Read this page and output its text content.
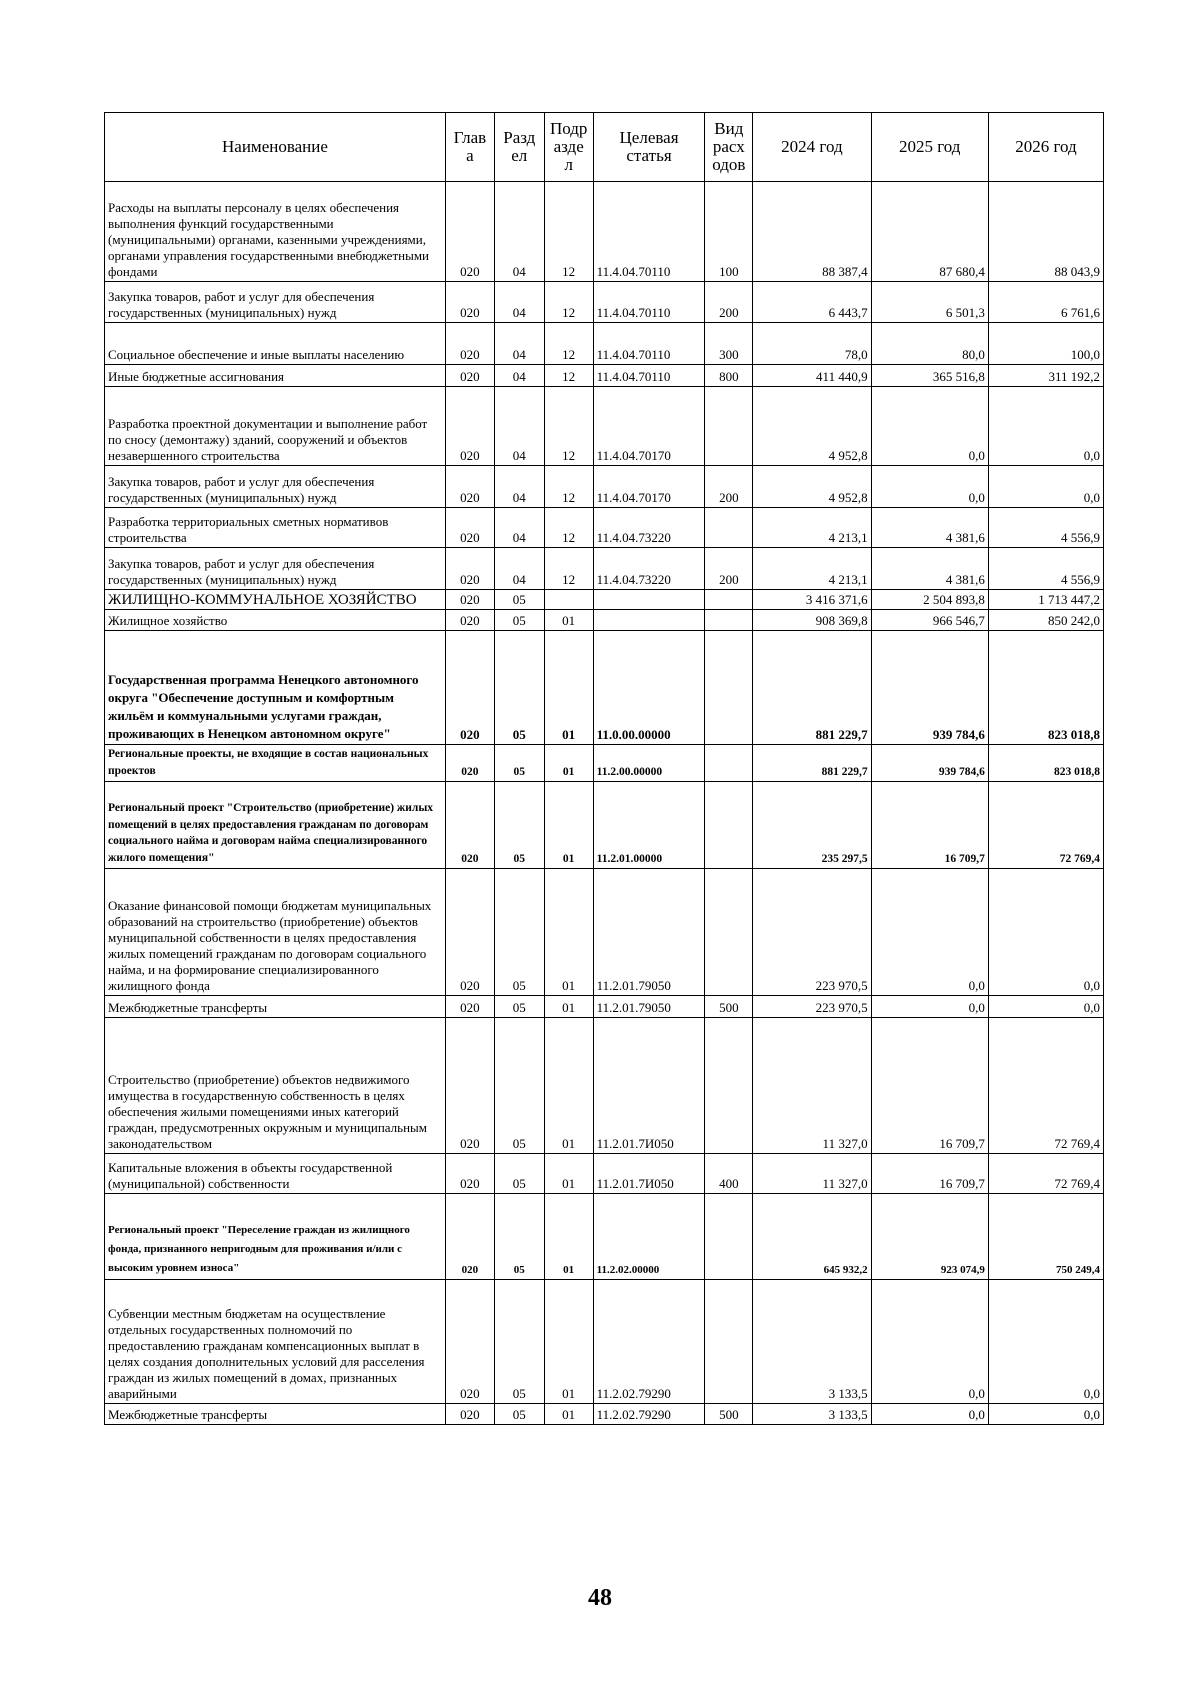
Наименование	Глав а	Разд ел	Подр азде л	Целевая статья	Вид расх одов	2024 год	2025 год	2026 год
Расходы на выплаты персоналу в целях обеспечения выполнения функций государственными (муниципальными) органами, казенными учреждениями, органами управления государственными внебюджетными фондами	020	04	12	11.4.04.70110	100	88 387,4	87 680,4	88 043,9
Закупка товаров, работ и услуг для обеспечения государственных (муниципальных) нужд	020	04	12	11.4.04.70110	200	6 443,7	6 501,3	6 761,6
Социальное обеспечение и иные выплаты населению	020	04	12	11.4.04.70110	300	78,0	80,0	100,0
Иные бюджетные ассигнования	020	04	12	11.4.04.70110	800	411 440,9	365 516,8	311 192,2
Разработка проектной документации и выполнение работ по сносу (демонтажу) зданий, сооружений и объектов незавершенного строительства	020	04	12	11.4.04.70170		4 952,8	0,0	0,0
Закупка товаров, работ и услуг для обеспечения государственных (муниципальных) нужд	020	04	12	11.4.04.70170	200	4 952,8	0,0	0,0
Разработка территориальных сметных нормативов строительства	020	04	12	11.4.04.73220		4 213,1	4 381,6	4 556,9
Закупка товаров, работ и услуг для обеспечения государственных (муниципальных) нужд	020	04	12	11.4.04.73220	200	4 213,1	4 381,6	4 556,9
ЖИЛИЩНО-КОММУНАЛЬНОЕ ХОЗЯЙСТВО	020	05				3 416 371,6	2 504 893,8	1 713 447,2
Жилищное хозяйство	020	05	01			908 369,8	966 546,7	850 242,0
Государственная программа Ненецкого автономного округа "Обеспечение доступным и комфортным жильём и коммунальными услугами граждан, проживающих в Ненецком автономном округе"	020	05	01	11.0.00.00000		881 229,7	939 784,6	823 018,8
Региональные проекты, не входящие в состав национальных проектов	020	05	01	11.2.00.00000		881 229,7	939 784,6	823 018,8
Региональный проект "Строительство (приобретение) жилых помещений в целях предоставления гражданам по договорам социального найма и договорам найма специализированного жилого помещения"	020	05	01	11.2.01.00000		235 297,5	16 709,7	72 769,4
Оказание финансовой помощи бюджетам муниципальных образований на строительство (приобретение) объектов муниципальной собственности в целях предоставления жилых помещений гражданам по договорам социального найма, и на формирование специализированного жилищного фонда	020	05	01	11.2.01.79050		223 970,5	0,0	0,0
Межбюджетные трансферты	020	05	01	11.2.01.79050	500	223 970,5	0,0	0,0
Строительство (приобретение) объектов недвижимого имущества в государственную собственность в целях обеспечения жилыми помещениями иных категорий граждан, предусмотренных окружным и муниципальным законодательством	020	05	01	11.2.01.7И050		11 327,0	16 709,7	72 769,4
Капитальные вложения в объекты государственной (муниципальной) собственности	020	05	01	11.2.01.7И050	400	11 327,0	16 709,7	72 769,4
Региональный проект "Переселение граждан из жилищного фонда, признанного непригодным для проживания и/или с высоким уровнем износа"	020	05	01	11.2.02.00000		645 932,2	923 074,9	750 249,4
Субвенции местным бюджетам на осуществление отдельных государственных полномочий по предоставлению гражданам компенсационных выплат в целях создания дополнительных условий для расселения граждан из жилых помещений в домах, признанных аварийными	020	05	01	11.2.02.79290		3 133,5	0,0	0,0
Межбюджетные трансферты	020	05	01	11.2.02.79290	500	3 133,5	0,0	0,0
48
